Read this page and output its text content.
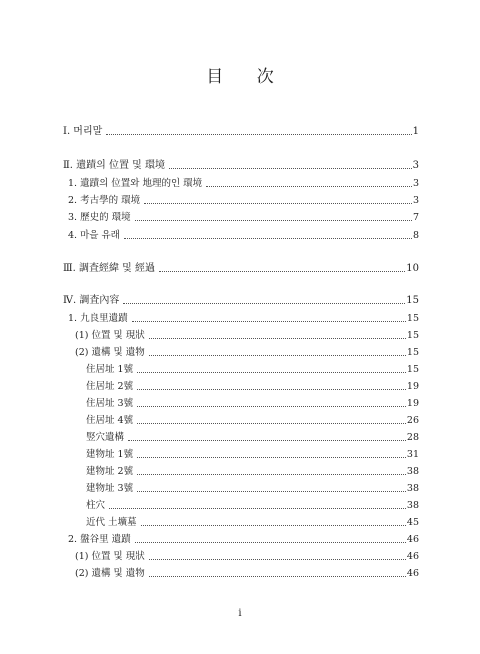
目 次
Ⅰ. 머리말	1
Ⅱ. 遺蹟의 位置 및 環境	3
1. 遺蹟의 位置와 地理的인 環境	3
2. 考古學的 環境	3
3. 歷史的 環境	7
4. 마을 유래	8
Ⅲ. 調査經緯 및 經過	10
Ⅳ. 調査內容	15
1. 九良里遺蹟	15
(1) 位置 및 現狀	15
(2) 遺構 및 遺物	15
住居址 1號	15
住居址 2號	19
住居址 3號	19
住居址 4號	26
竪穴遺構	28
建物址 1號	31
建物址 2號	38
建物址 3號	38
柱穴	38
近代 土壙墓	45
2. 盤谷里 遺蹟	46
(1) 位置 및 現狀	46
(2) 遺構 및 遺物	46
i
